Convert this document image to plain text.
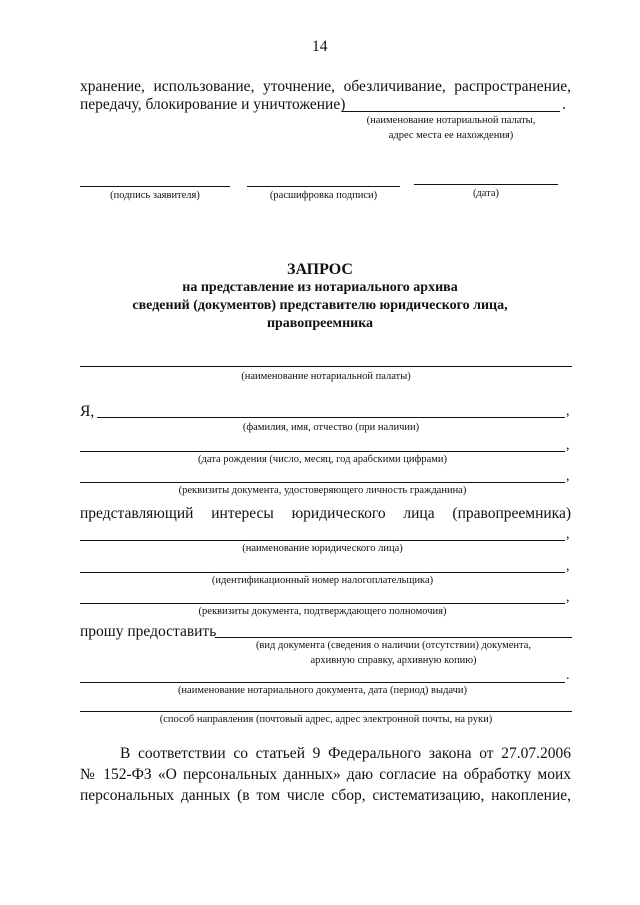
14
хранение, использование, уточнение, обезличивание, распространение,
передачу, блокирование и уничтожение)	.
(наименование нотариальной палаты,
адрес места ее нахождения)
(подпись заявителя)	(расшифровка подписи)	(дата)
ЗАПРОС
на представление из нотариального архива
сведений (документов) представителю юридического лица,
правопреемника
(наименование нотариальной палаты)
Я,	,
(фамилия, имя, отчество (при наличии)
,
(дата рождения (число, месяц, год арабскими цифрами)
,
(реквизиты документа, удостоверяющего личность гражданина)
представляющий интересы юридического лица (правопреемника)
,
(наименование юридического лица)
,
(идентификационный номер налогоплательщика)
,
(реквизиты документа, подтверждающего полномочия)
прошу предоставить
(вид документа (сведения о наличии (отсутствии) документа,
архивную справку, архивную копию)
.
(наименование нотариального документа, дата (период) выдачи)
(способ направления (почтовый адрес, адрес электронной почты, на руки)
В соответствии со статьей 9 Федерального закона от 27.07.2006
№ 152-ФЗ «О персональных данных» даю согласие на обработку моих
персональных данных (в том числе сбор, систематизацию, накопление,
